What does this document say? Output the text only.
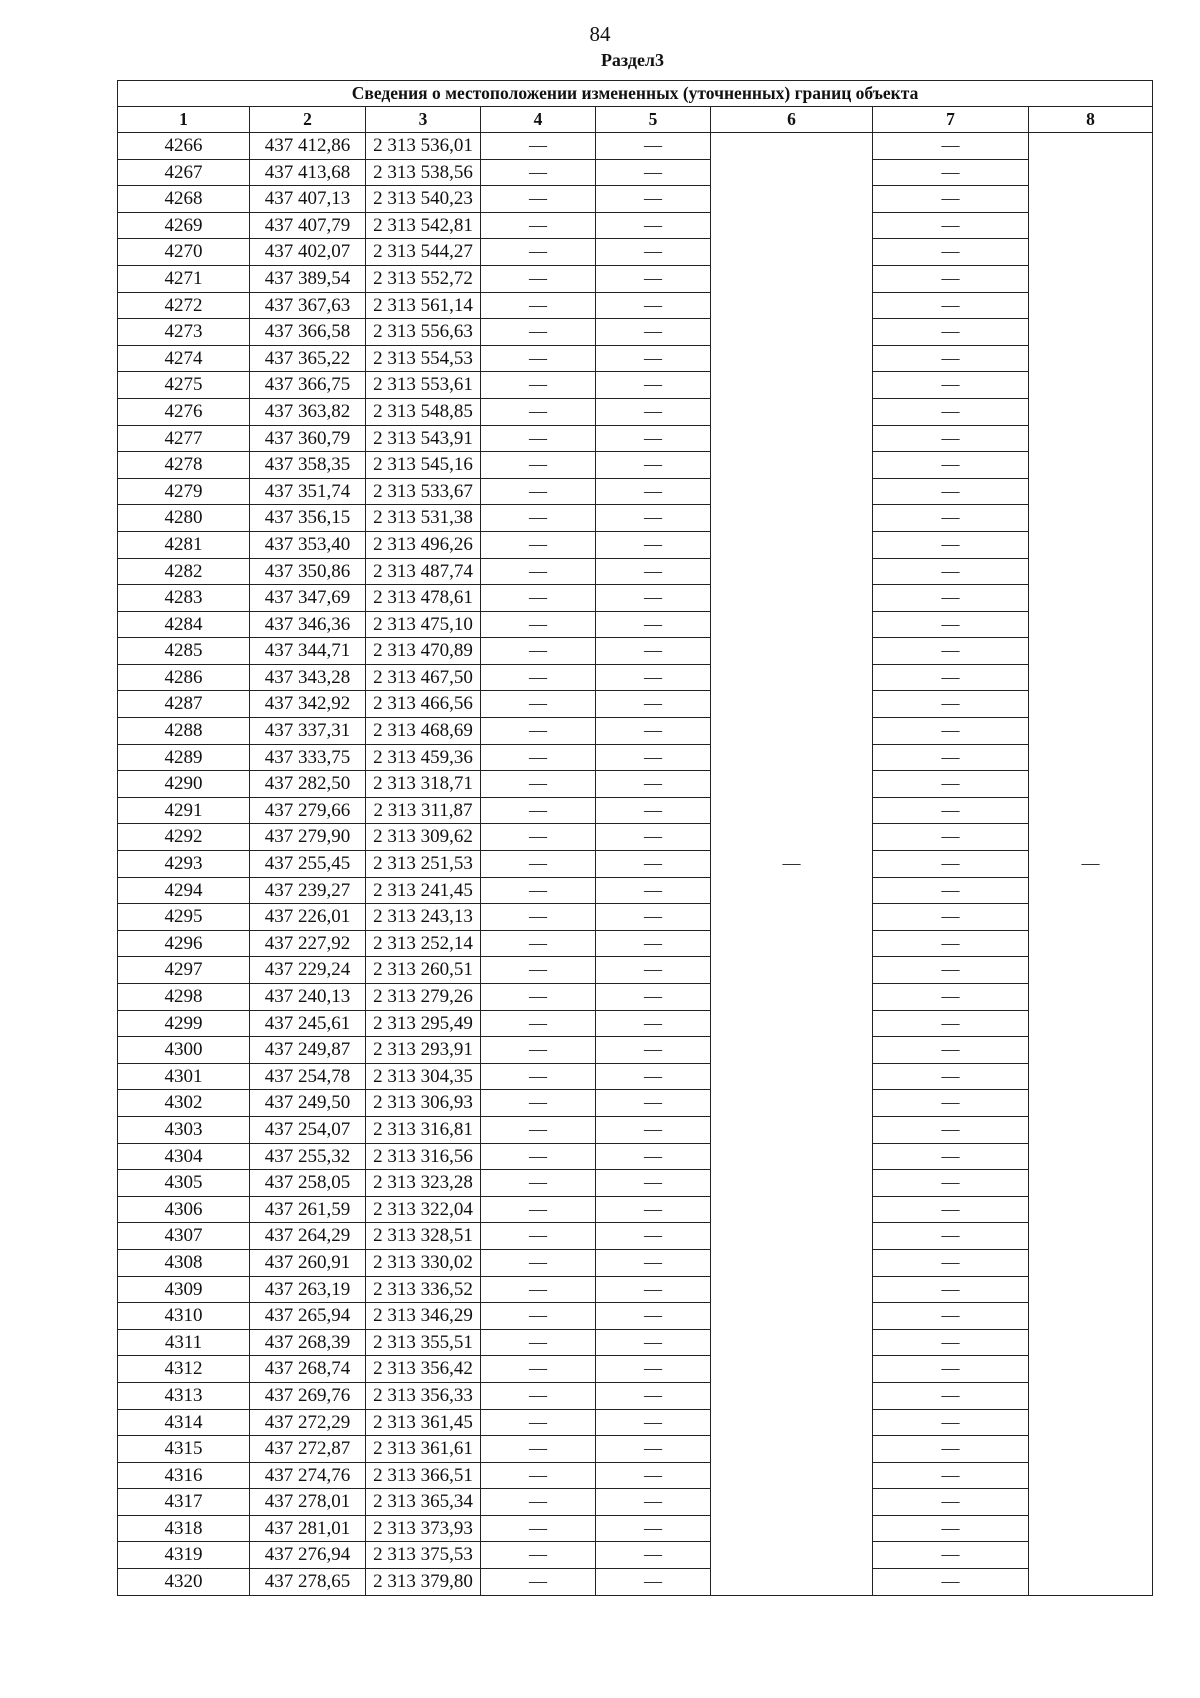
84
Раздел3
Сведения о местоположении измененных (уточненных) границ объекта							
1	2	3	4	5	6	7	8
4266	437 412,86	2 313 536,01	—	—	—	—	—
4267	437 413,68	2 313 538,56	—	—		—	
4268	437 407,13	2 313 540,23	—	—		—	
4269	437 407,79	2 313 542,81	—	—		—	
4270	437 402,07	2 313 544,27	—	—		—	
4271	437 389,54	2 313 552,72	—	—		—	
4272	437 367,63	2 313 561,14	—	—		—	
4273	437 366,58	2 313 556,63	—	—		—	
4274	437 365,22	2 313 554,53	—	—		—	
4275	437 366,75	2 313 553,61	—	—		—	
4276	437 363,82	2 313 548,85	—	—		—	
4277	437 360,79	2 313 543,91	—	—		—	
4278	437 358,35	2 313 545,16	—	—		—	
4279	437 351,74	2 313 533,67	—	—		—	
4280	437 356,15	2 313 531,38	—	—		—	
4281	437 353,40	2 313 496,26	—	—		—	
4282	437 350,86	2 313 487,74	—	—		—	
4283	437 347,69	2 313 478,61	—	—		—	
4284	437 346,36	2 313 475,10	—	—		—	
4285	437 344,71	2 313 470,89	—	—		—	
4286	437 343,28	2 313 467,50	—	—		—	
4287	437 342,92	2 313 466,56	—	—		—	
4288	437 337,31	2 313 468,69	—	—		—	
4289	437 333,75	2 313 459,36	—	—		—	
4290	437 282,50	2 313 318,71	—	—		—	
4291	437 279,66	2 313 311,87	—	—		—	
4292	437 279,90	2 313 309,62	—	—		—	
4293	437 255,45	2 313 251,53	—	—		—	
4294	437 239,27	2 313 241,45	—	—		—	
4295	437 226,01	2 313 243,13	—	—		—	
4296	437 227,92	2 313 252,14	—	—		—	
4297	437 229,24	2 313 260,51	—	—		—	
4298	437 240,13	2 313 279,26	—	—		—	
4299	437 245,61	2 313 295,49	—	—		—	
4300	437 249,87	2 313 293,91	—	—		—	
4301	437 254,78	2 313 304,35	—	—		—	
4302	437 249,50	2 313 306,93	—	—		—	
4303	437 254,07	2 313 316,81	—	—		—	
4304	437 255,32	2 313 316,56	—	—		—	
4305	437 258,05	2 313 323,28	—	—		—	
4306	437 261,59	2 313 322,04	—	—		—	
4307	437 264,29	2 313 328,51	—	—		—	
4308	437 260,91	2 313 330,02	—	—		—	
4309	437 263,19	2 313 336,52	—	—		—	
4310	437 265,94	2 313 346,29	—	—		—	
4311	437 268,39	2 313 355,51	—	—		—	
4312	437 268,74	2 313 356,42	—	—		—	
4313	437 269,76	2 313 356,33	—	—		—	
4314	437 272,29	2 313 361,45	—	—		—	
4315	437 272,87	2 313 361,61	—	—		—	
4316	437 274,76	2 313 366,51	—	—		—	
4317	437 278,01	2 313 365,34	—	—		—	
4318	437 281,01	2 313 373,93	—	—		—	
4319	437 276,94	2 313 375,53	—	—		—	
4320	437 278,65	2 313 379,80	—	—		—	
